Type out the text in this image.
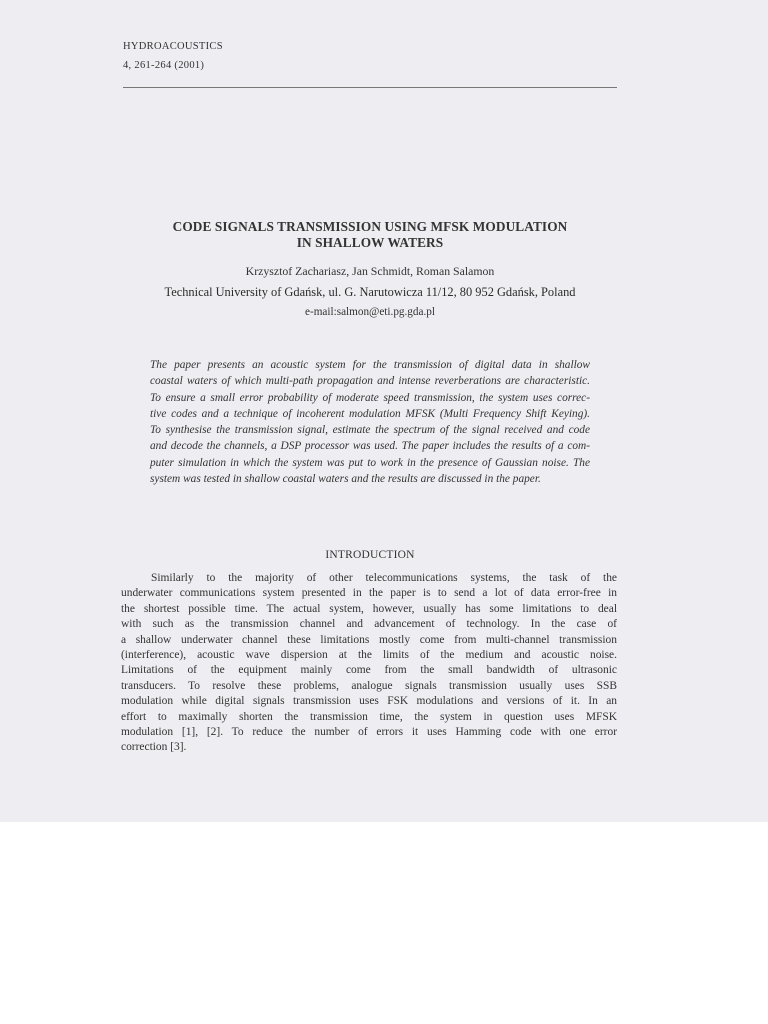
HYDROACOUSTICS
4, 261-264 (2001)
CODE SIGNALS TRANSMISSION USING MFSK MODULATION
IN SHALLOW WATERS
Krzysztof Zachariasz, Jan Schmidt, Roman Salamon
Technical University of Gdańsk, ul. G. Narutowicza 11/12, 80 952 Gdańsk, Poland
e-mail:salmon@eti.pg.gda.pl
The paper presents an acoustic system for the transmission of digital data in shallow
coastal waters of which multi-path propagation and intense reverberations are characteristic.
To ensure a small error probability of moderate speed transmission, the system uses correc-
tive codes and a technique of incoherent modulation MFSK (Multi Frequency Shift Keying).
To synthesise the transmission signal, estimate the spectrum of the signal received and code
and decode the channels, a DSP processor was used. The paper includes the results of a com-
puter simulation in which the system was put to work in the presence of Gaussian noise. The
system was tested in shallow coastal waters and the results are discussed in the paper.
INTRODUCTION
Similarly to the majority of other telecommunications systems, the task of the
underwater communications system presented in the paper is to send a lot of data error-free in
the shortest possible time. The actual system, however, usually has some limitations to deal
with such as the transmission channel and advancement of technology. In the case of
a shallow underwater channel these limitations mostly come from multi-channel transmission
(interference), acoustic wave dispersion at the limits of the medium and acoustic noise.
Limitations of the equipment mainly come from the small bandwidth of ultrasonic
transducers. To resolve these problems, analogue signals transmission usually uses SSB
modulation while digital signals transmission uses FSK modulations and versions of it. In an
effort to maximally shorten the transmission time, the system in question uses MFSK
modulation [1], [2]. To reduce the number of errors it uses Hamming code with one error
correction [3].
